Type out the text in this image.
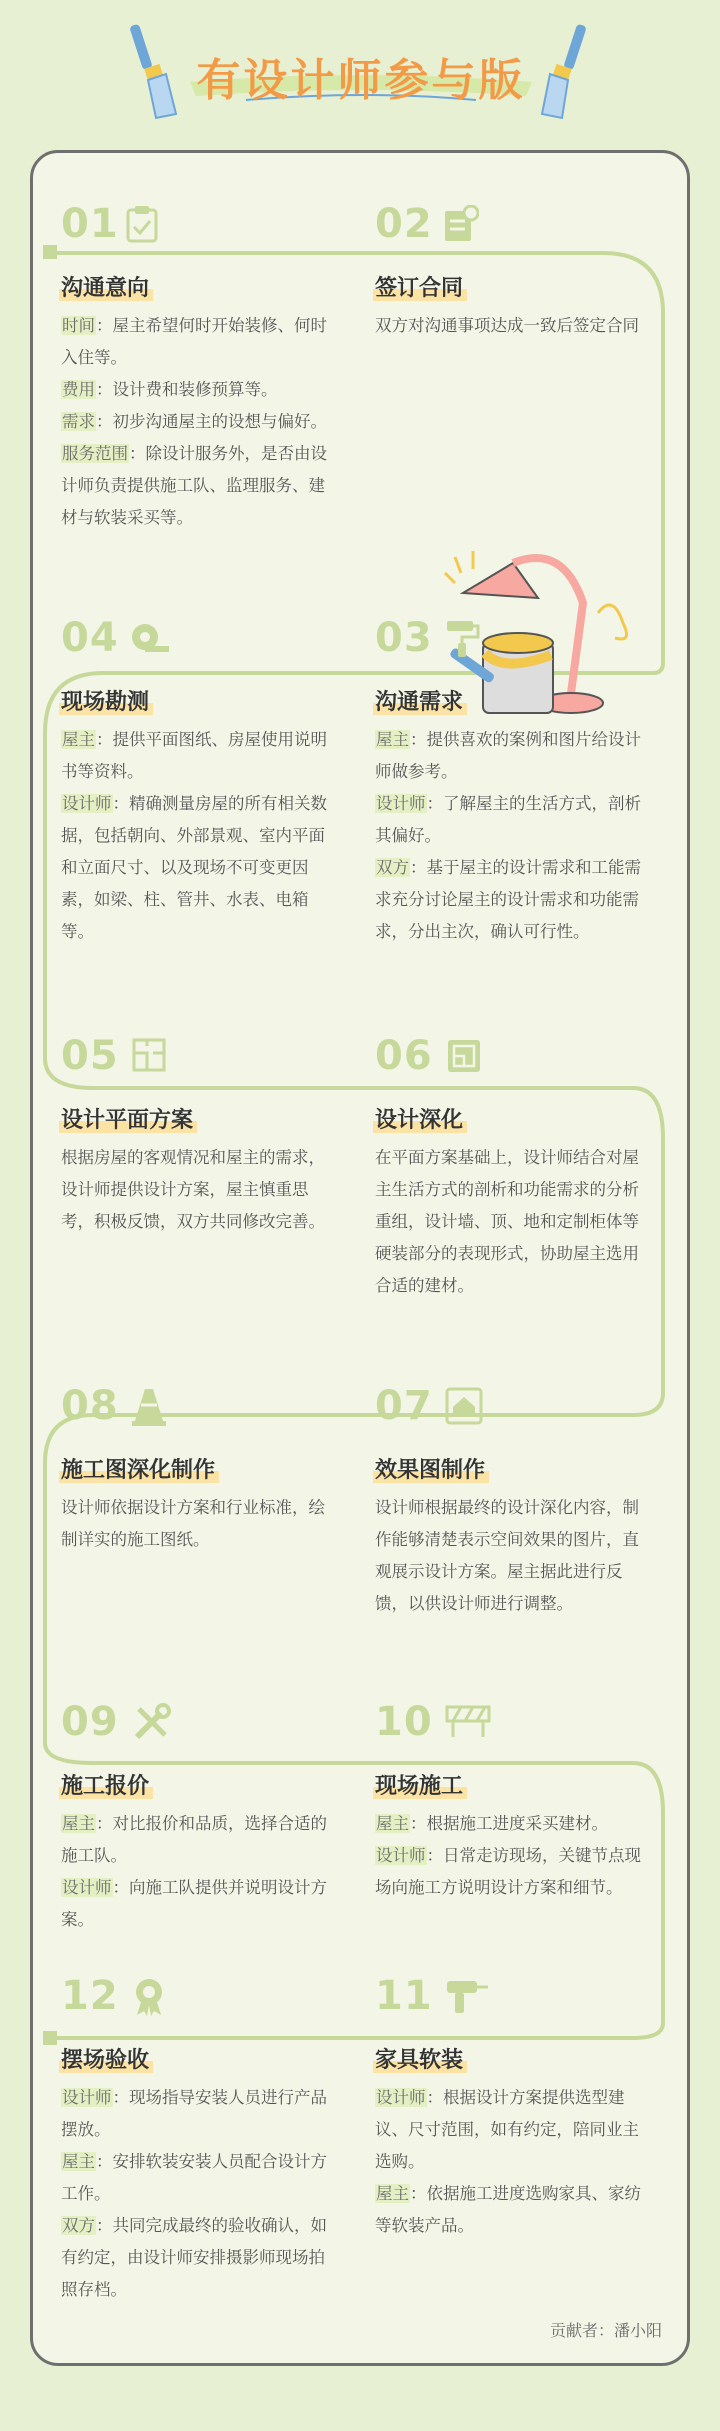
有设计师参与版
01
沟通意向

时间：屋主希望何时开始装修、何时入住等。

费用：设计费和装修预算等。

需求：初步沟通屋主的设想与偏好。

服务范围：除设计服务外，是否由设计师负责提供施工队、监理服务、建材与软装采买等。

02
签订合同

双方对沟通事项达成一致后签定合同

04
现场勘测

屋主：提供平面图纸、房屋使用说明书等资料。

设计师：精确测量房屋的所有相关数据，包括朝向、外部景观、室内平面和立面尺寸、以及现场不可变更因素，如梁、柱、管井、水表、电箱等。

03
沟通需求

屋主：提供喜欢的案例和图片给设计师做参考。

设计师：了解屋主的生活方式，剖析其偏好。

双方：基于屋主的设计需求和工能需求充分讨论屋主的设计需求和功能需求，分出主次，确认可行性。

05
设计平面方案

根据房屋的客观情况和屋主的需求，设计师提供设计方案，屋主慎重思考，积极反馈，双方共同修改完善。

06
设计深化

在平面方案基础上，设计师结合对屋主生活方式的剖析和功能需求的分析重组，设计墙、顶、地和定制柜体等硬装部分的表现形式，协助屋主选用合适的建材。

08
施工图深化制作

设计师依据设计方案和行业标准，绘制详实的施工图纸。

07
效果图制作

设计师根据最终的设计深化内容，制作能够清楚表示空间效果的图片，直观展示设计方案。屋主据此进行反馈，以供设计师进行调整。

09
施工报价

屋主：对比报价和品质，选择合适的施工队。

设计师：向施工队提供并说明设计方案。

10
现场施工

屋主：根据施工进度采买建材。

设计师：日常走访现场，关键节点现场向施工方说明设计方案和细节。

12
摆场验收

设计师：现场指导安装人员进行产品摆放。

屋主：安排软装安装人员配合设计方工作。

双方：共同完成最终的验收确认，如有约定，由设计师安排摄影师现场拍照存档。

11
家具软装

设计师：根据设计方案提供选型建议、尺寸范围，如有约定，陪同业主选购。

屋主：依据施工进度选购家具、家纺等软装产品。

贡献者：潘小阳
